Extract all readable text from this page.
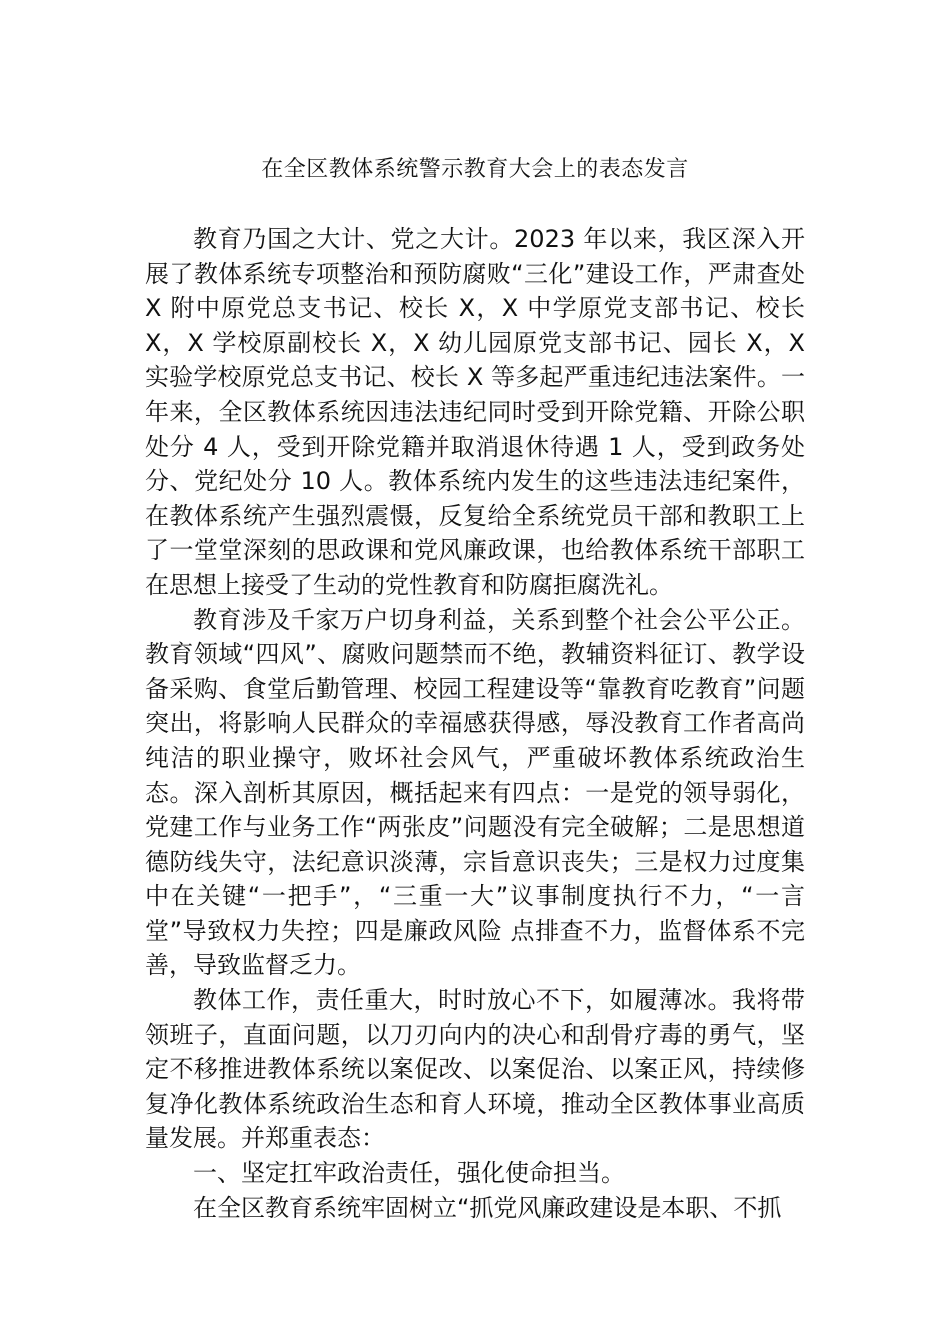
在全区教体系统警示教育大会上的表态发言

教育乃国之大计、党之大计。2023 年以来，我区深入开展了教体系统专项整治和预防腐败“三化”建设工作，严肃查处 X 附中原党总支书记、校长 X，X 中学原党支部书记、校长 X，X 学校原副校长 X，X 幼儿园原党支部书记、园长 X，X 实验学校原党总支书记、校长 X 等多起严重违纪违法案件。一年来，全区教体系统因违法违纪同时受到开除党籍、开除公职处分 4 人，受到开除党籍并取消退休待遇 1 人，受到政务处分、党纪处分 10 人。教体系统内发生的这些违法违纪案件，在教体系统产生强烈震慑，反复给全系统党员干部和教职工上了一堂堂深刻的思政课和党风廉政课，也给教体系统干部职工在思想上接受了生动的党性教育和防腐拒腐洗礼。

教育涉及千家万户切身利益，关系到整个社会公平公正。教育领域“四风”、腐败问题禁而不绝，教辅资料征订、教学设备采购、食堂后勤管理、校园工程建设等“靠教育吃教育”问题突出，将影响人民群众的幸福感获得感，辱没教育工作者高尚纯洁的职业操守，败坏社会风气，严重破坏教体系统政治生态。深入剖析其原因，概括起来有四点：一是党的领导弱化，党建工作与业务工作“两张皮”问题没有完全破解；二是思想道德防线失守，法纪意识淡薄，宗旨意识丧失；三是权力过度集中在关键“一把手”，“三重一大”议事制度执行不力，“一言堂”导致权力失控；四是廉政风险 点排查不力，监督体系不完善，导致监督乏力。

教体工作，责任重大，时时放心不下，如履薄冰。我将带领班子，直面问题，以刀刃向内的决心和刮骨疗毒的勇气，坚定不移推进教体系统以案促改、以案促治、以案正风，持续修复净化教体系统政治生态和育人环境，推动全区教体事业高质量发展。并郑重表态：

一、坚定扛牢政治责任，强化使命担当。

在全区教育系统牢固树立“抓党风廉政建设是本职、不抓
